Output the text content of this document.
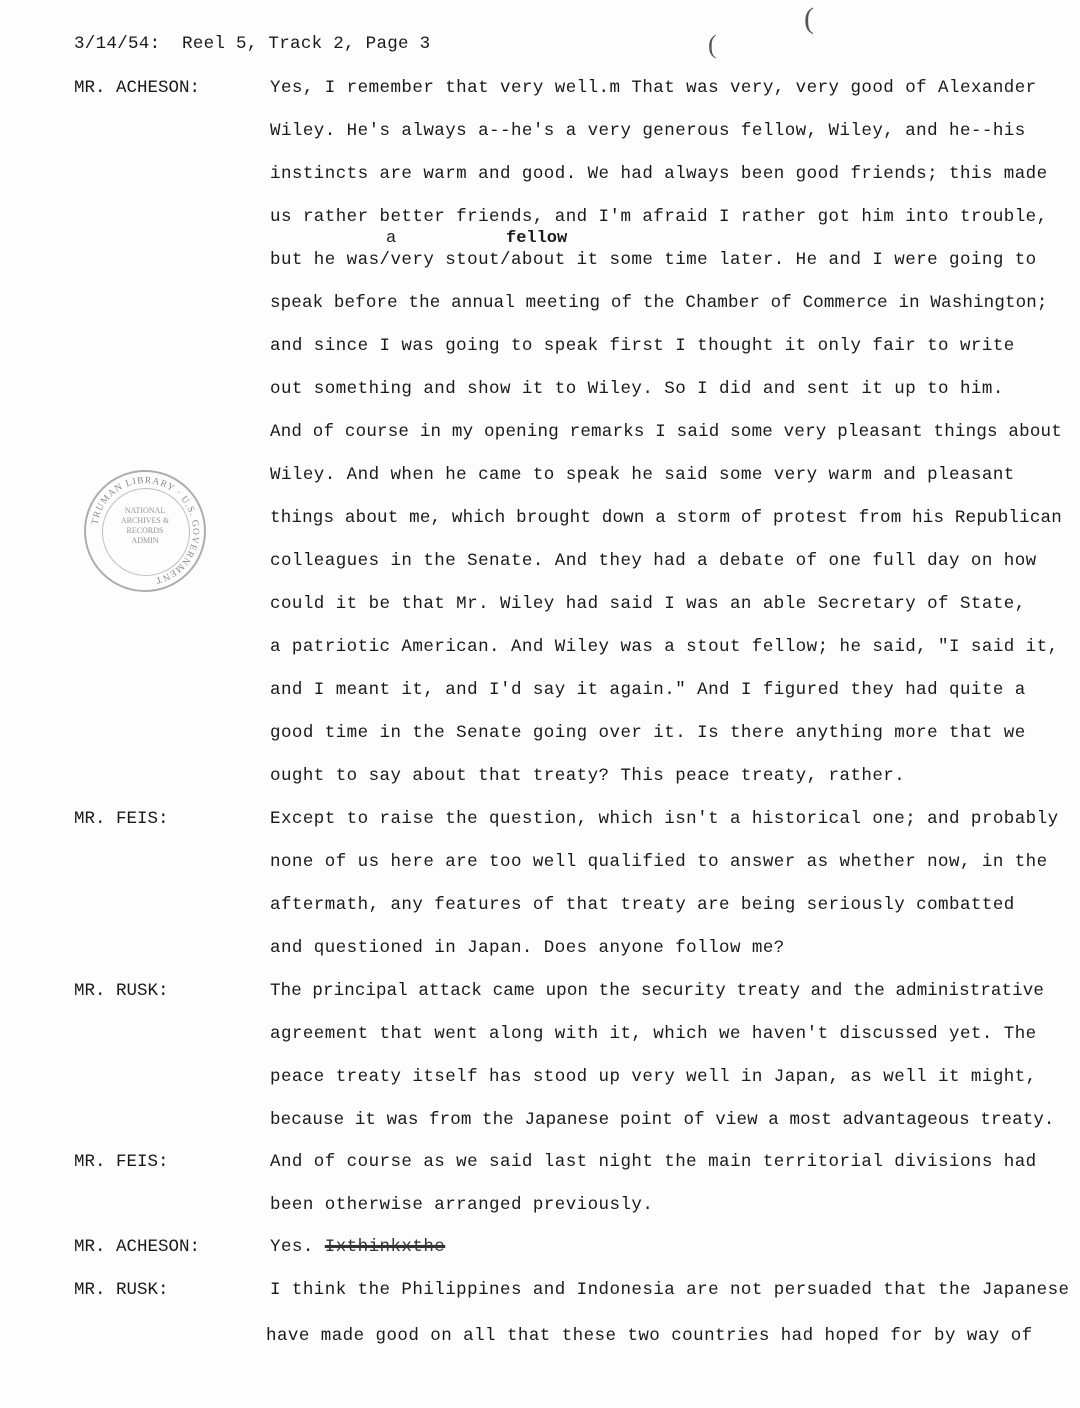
3/14/54:  Reel 5, Track 2, Page 3
(
(
TRUMAN LIBRARY · U.S. GOVERNMENT
NATIONAL
ARCHIVES &
RECORDS
ADMIN
MR. ACHESON:	Yes, I remember that very well.m That was very, very good of Alexander
Wiley. He's always a--he's a very generous fellow, Wiley, and he--his
instincts are warm and good. We had always been good friends; this made
us rather better friends, and I'm afraid I rather got him into trouble,
a	fellow
but he was/very stout/about it some time later. He and I were going to
speak before the annual meeting of the Chamber of Commerce in Washington;
and since I was going to speak first I thought it only fair to write
out something and show it to Wiley. So I did and sent it up to him.
And of course in my opening remarks I said some very pleasant things about
Wiley. And when he came to speak he said some very warm and pleasant
things about me, which brought down a storm of protest from his Republican
colleagues in the Senate. And they had a debate of one full day on how
could it be that Mr. Wiley had said I was an able Secretary of State,
a patriotic American. And Wiley was a stout fellow; he said, "I said it,
and I meant it, and I'd say it again." And I figured they had quite a
good time in the Senate going over it. Is there anything more that we
ought to say about that treaty? This peace treaty, rather.
MR. FEIS:	Except to raise the question, which isn't a historical one; and probably
none of us here are too well qualified to answer as whether now, in the
aftermath, any features of that treaty are being seriously combatted
and questioned in Japan. Does anyone follow me?
MR. RUSK:	The principal attack came upon the security treaty and the administrative
agreement that went along with it, which we haven't discussed yet. The
peace treaty itself has stood up very well in Japan, as well it might,
because it was from the Japanese point of view a most advantageous treaty.
MR. FEIS:	And of course as we said last night the main territorial divisions had
been otherwise arranged previously.
MR. ACHESON:	Yes. Ixthinkxthe
MR. RUSK:	I think the Philippines and Indonesia are not persuaded that the Japanese
have made good on all that these two countries had hoped for by way of
